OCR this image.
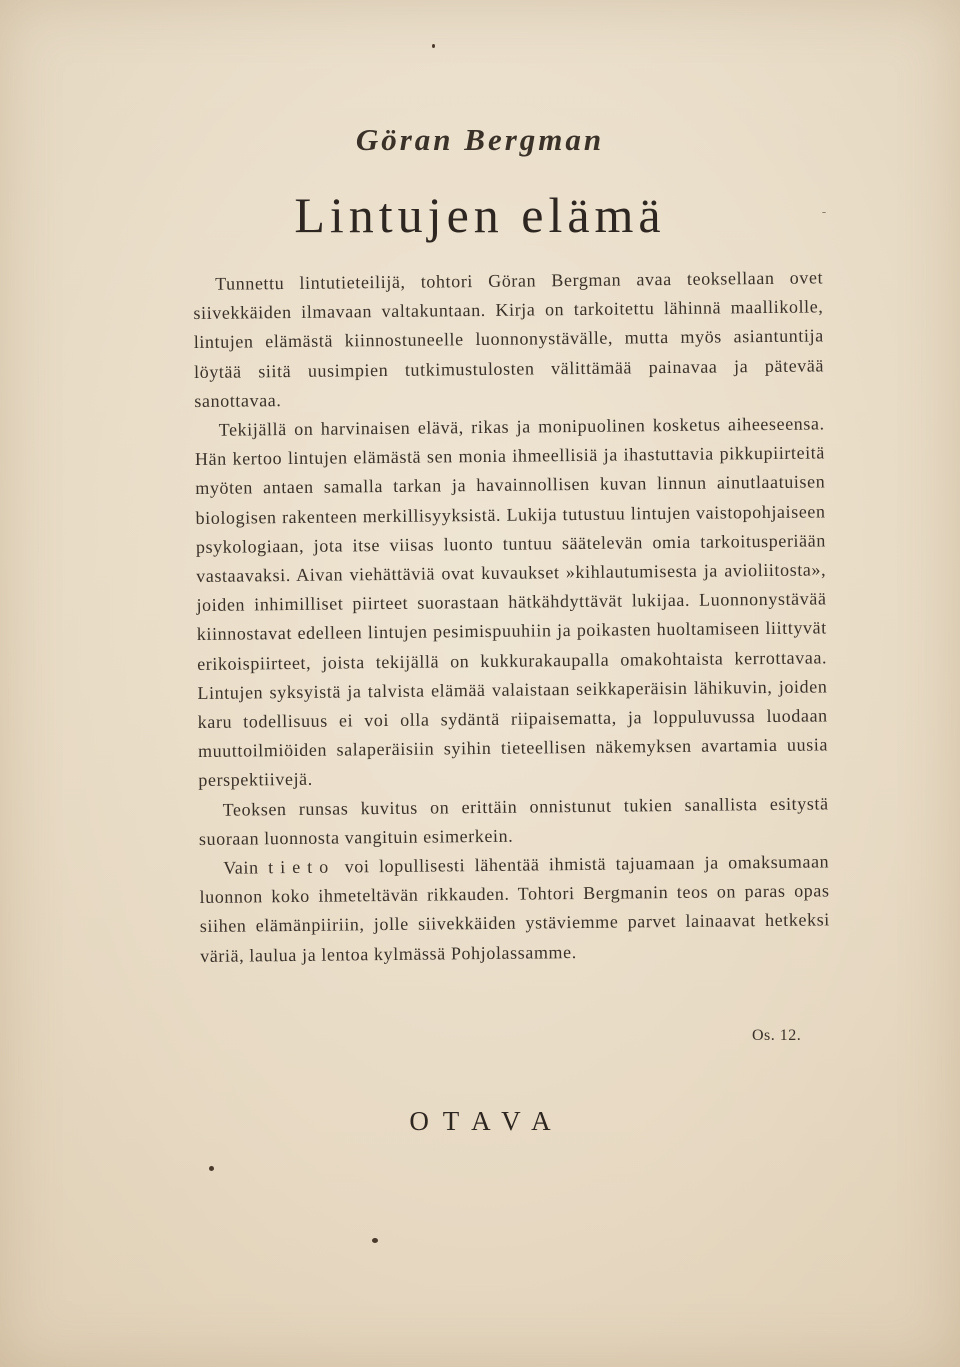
Göran Bergman
Lintujen elämä

Tunnettu lintutieteilijä, tohtori Göran Bergman avaa teoksellaan ovet siivekkäiden ilmavaan valtakuntaan. Kirja on tarkoitettu lähinnä maallikolle, lintujen elämästä kiinnostuneelle luonnonystävälle, mutta myös asiantuntija löytää siitä uusimpien tutkimustulosten välittämää painavaa ja pätevää sanottavaa.

Tekijällä on harvinaisen elävä, rikas ja monipuolinen kosketus aiheeseensa. Hän kertoo lintujen elämästä sen monia ihmeellisiä ja ihastuttavia pikkupiirteitä myöten antaen samalla tarkan ja havainnollisen kuvan linnun ainutlaatuisen biologisen rakenteen merkillisyyksistä. Lukija tutustuu lintujen vaistopohjaiseen psykologiaan, jota itse viisas luonto tuntuu säätelevän omia tarkoitusperiään vastaavaksi. Aivan viehättäviä ovat kuvaukset »kihlautumisesta ja avioliitosta», joiden inhimilliset piirteet suorastaan hätkähdyttävät lukijaa. Luonnonystävää kiinnostavat edelleen lintujen pesimispuuhiin ja poikasten huoltamiseen liittyvät erikoispiirteet, joista tekijällä on kukkurakaupalla omakohtaista kerrottavaa. Lintujen syksyistä ja talvista elämää valaistaan seikkaperäisin lähikuvin, joiden karu todellisuus ei voi olla sydäntä riipaisematta, ja loppuluvussa luodaan muuttoilmiöiden salaperäisiin syihin tieteellisen näkemyksen avartamia uusia perspektiivejä.

Teoksen runsas kuvitus on erittäin onnistunut tukien sanallista esitystä suoraan luonnosta vangituin esimerkein.

Vain tieto voi lopullisesti lähentää ihmistä tajuamaan ja omaksumaan luonnon koko ihmeteltävän rikkauden. Tohtori Bergmanin teos on paras opas siihen elämänpiiriin, jolle siivekkäiden ystäviemme parvet lainaavat hetkeksi väriä, laulua ja lentoa kylmässä Pohjolassamme.

OTAVA
Os. 12.
